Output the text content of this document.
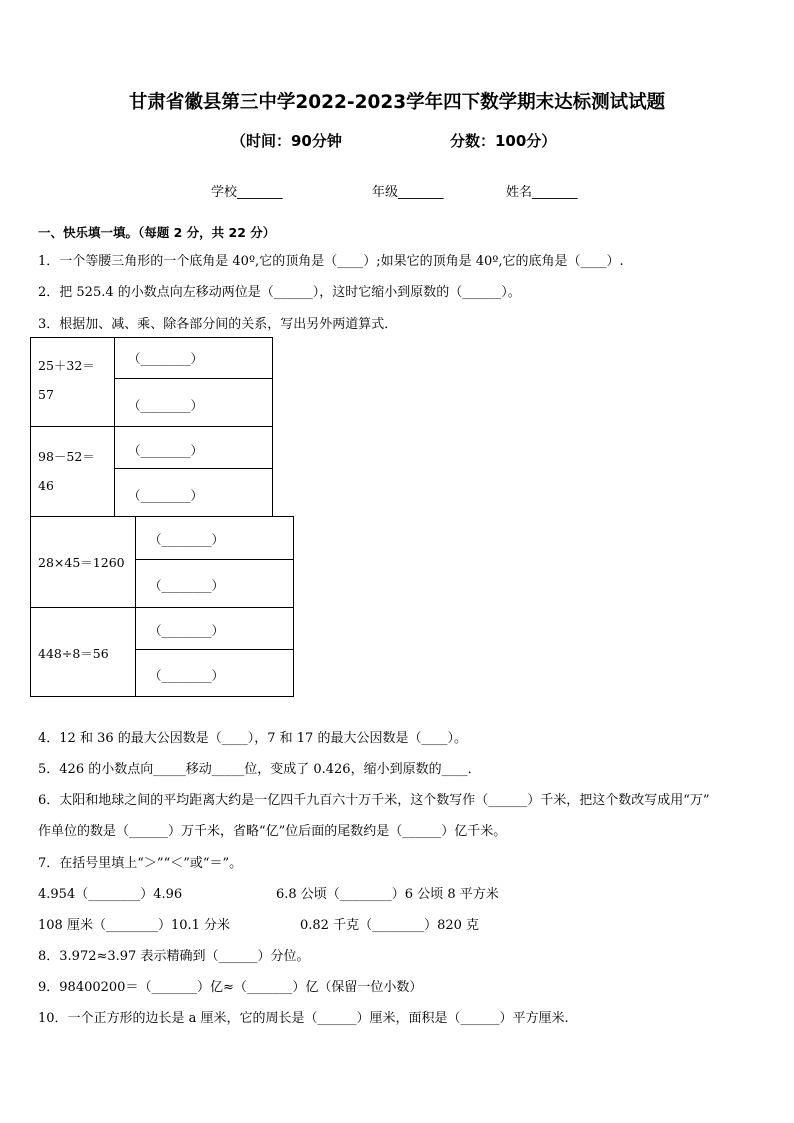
甘肃省徽县第三中学2022-2023学年四下数学期末达标测试试题
（时间：90分钟	分数：100分）
学校_______	年级_______	姓名_______
一、快乐填一填。（每题 2 分，共 22 分）
1．一个等腰三角形的一个底角是 40º,它的顶角是（____）;如果它的顶角是 40º,它的底角是（____）.
2．把 525.4 的小数点向左移动两位是（______），这时它缩小到原数的（______）。
3．根据加、减、乘、除各部分间的关系，写出另外两道算式．
25＋32＝
57
（________）
（________）
98－52＝
46
（________）
（________）
28×45＝1260
（________）
（________）
448÷8＝56
（________）
（________）
4．12 和 36 的最大公因数是（____），7 和 17 的最大公因数是（____）。
5．426 的小数点向_____移动_____位，变成了 0.426，缩小到原数的____．
6．太阳和地球之间的平均距离大约是一亿四千九百六十万千米，这个数写作（______）千米，把这个数改写成用“万”
作单位的数是（______）万千米，省略“亿”位后面的尾数约是（______）亿千米。
7．在括号里填上“＞”“＜”或“＝”。
4.954（________）4.96	6.8 公顷（________）6 公顷 8 平方米
108 厘米（________）10.1 分米	0.82 千克（________）820 克
8．3.972≈3.97 表示精确到（______）分位。
9．98400200＝（_______）亿≈（_______）亿（保留一位小数）
10．一个正方形的边长是 a 厘米，它的周长是（______）厘米，面积是（______）平方厘米.
